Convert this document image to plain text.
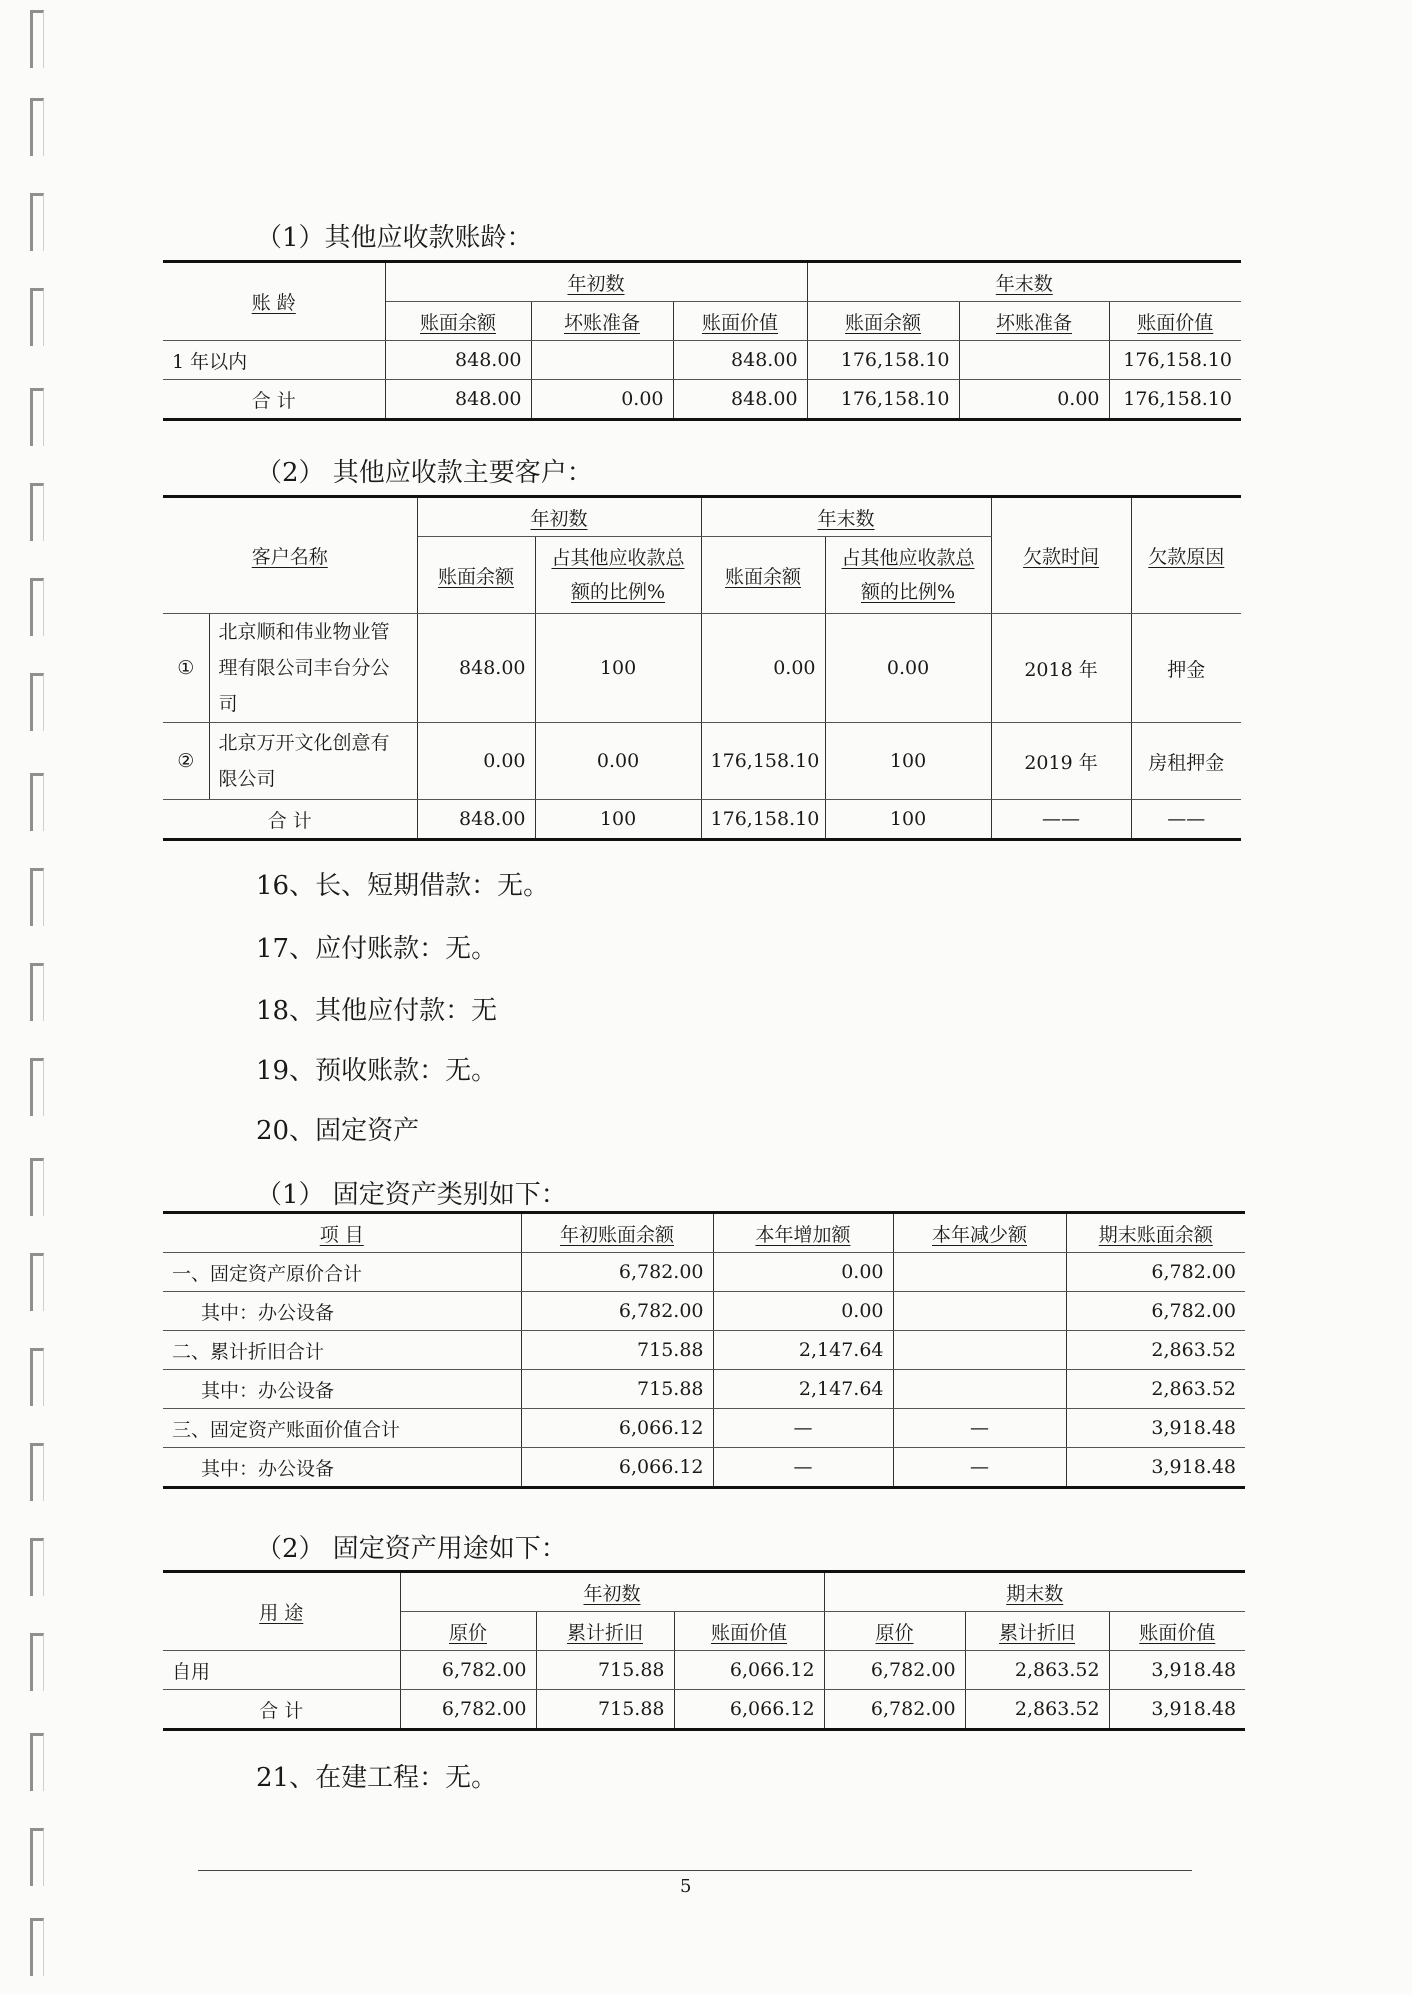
（1）其他应收款账龄：
账 龄	年初数			年末数		
	账面余额	坏账准备	账面价值	账面余额	坏账准备	账面价值
1 年以内	848.00		848.00	176,158.10		176,158.10
合 计	848.00	0.00	848.00	176,158.10	0.00	176,158.10
（2） 其他应收款主要客户：
客户名称		年初数		年末数		欠款时间	欠款原因
		账面余额	占其他应收款总额的比例%	账面余额	占其他应收款总额的比例%		
①	北京顺和伟业物业管理有限公司丰台分公司	848.00	100	0.00	0.00	2018 年	押金
②	北京万开文化创意有限公司	0.00	0.00	176,158.10	100	2019 年	房租押金
合 计		848.00	100	176,158.10	100	——	——
16、长、短期借款：无。
17、应付账款：无。
18、其他应付款：无
19、预收账款：无。
20、固定资产
（1） 固定资产类别如下：
项 目	年初账面余额	本年增加额	本年减少额	期末账面余额
一、固定资产原价合计	6,782.00	0.00		6,782.00
其中：办公设备	6,782.00	0.00		6,782.00
二、累计折旧合计	715.88	2,147.64		2,863.52
其中：办公设备	715.88	2,147.64		2,863.52
三、固定资产账面价值合计	6,066.12	—	—	3,918.48
其中：办公设备	6,066.12	—	—	3,918.48
（2） 固定资产用途如下：
用 途	年初数			期末数		
	原价	累计折旧	账面价值	原价	累计折旧	账面价值
自用	6,782.00	715.88	6,066.12	6,782.00	2,863.52	3,918.48
合 计	6,782.00	715.88	6,066.12	6,782.00	2,863.52	3,918.48
21、在建工程：无。
5
